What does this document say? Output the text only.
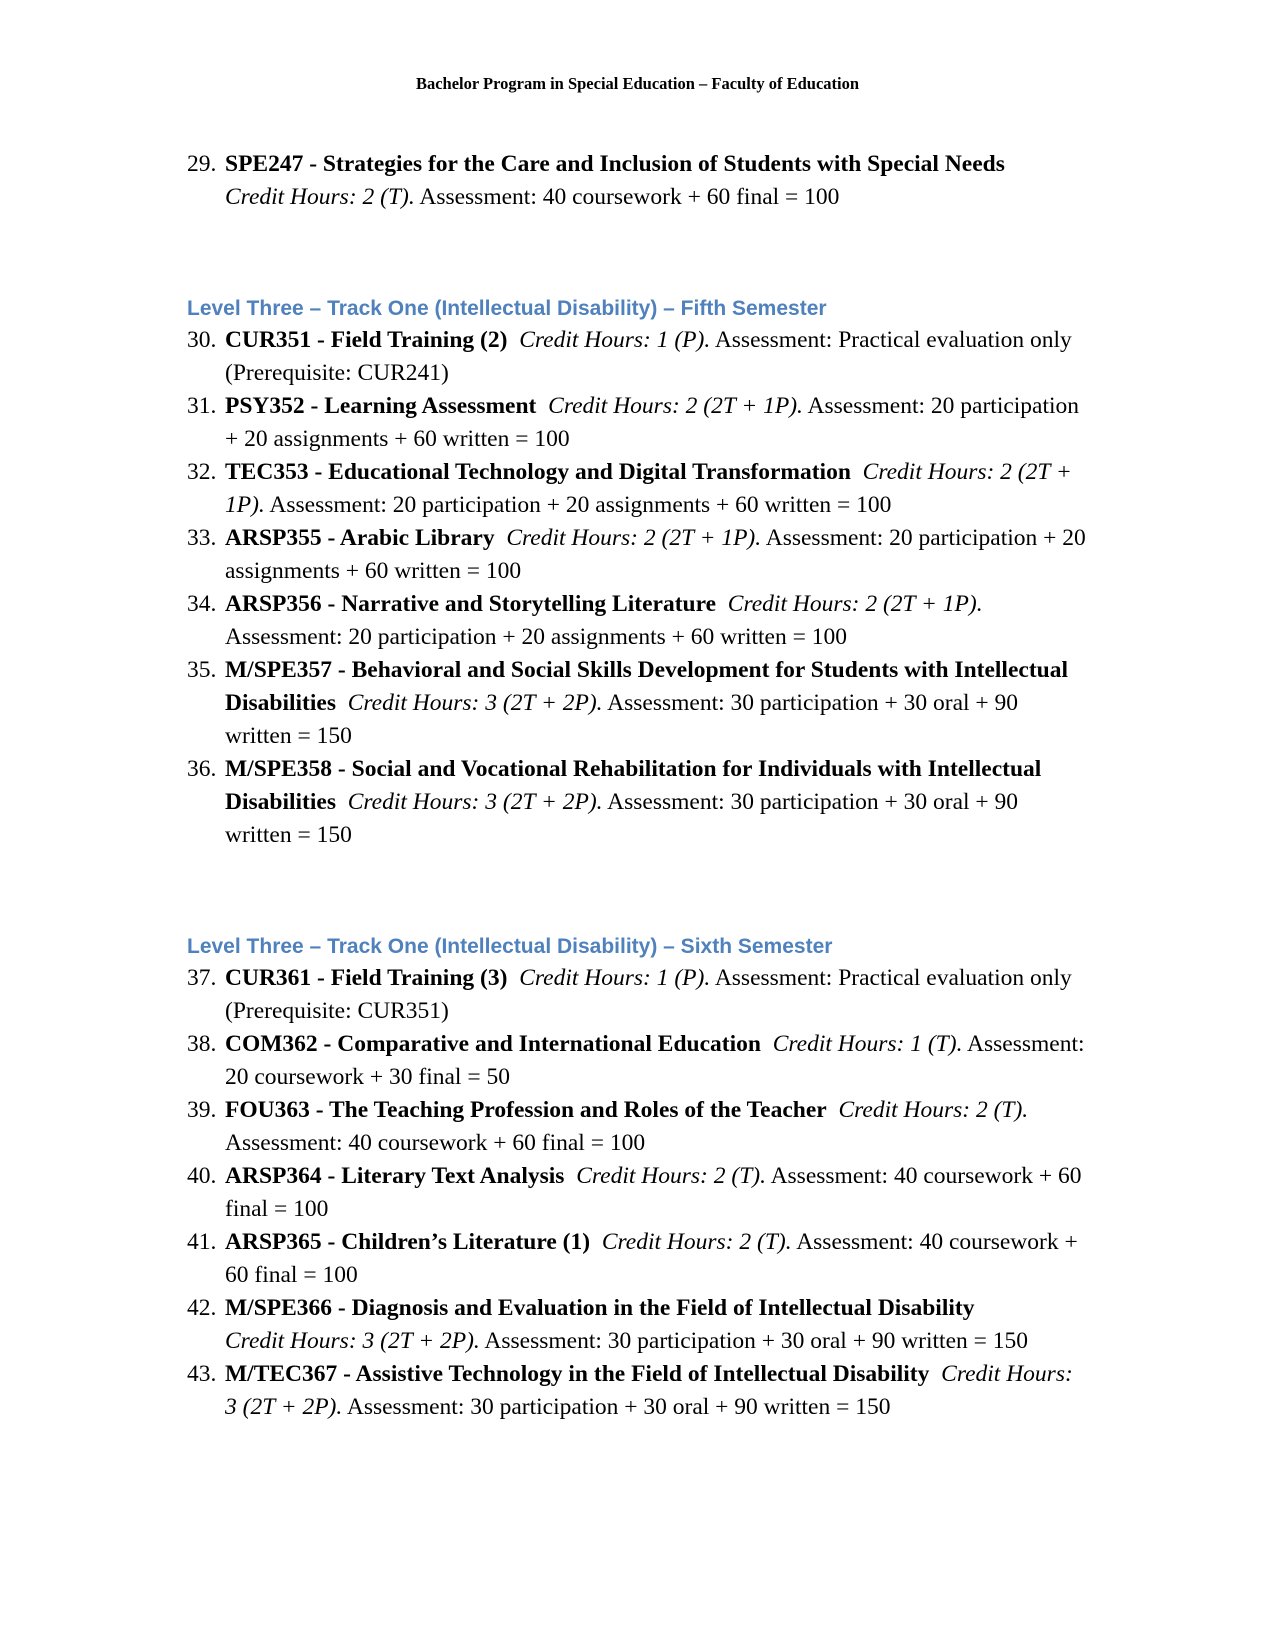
Bachelor Program in Special Education – Faculty of Education
29. SPE247 - Strategies for the Care and Inclusion of Students with Special Needs
Credit Hours: 2 (T). Assessment: 40 coursework + 60 final = 100
Level Three – Track One (Intellectual Disability) – Fifth Semester
30. CUR351 - Field Training (2) Credit Hours: 1 (P). Assessment: Practical evaluation only (Prerequisite: CUR241)
31. PSY352 - Learning Assessment Credit Hours: 2 (2T + 1P). Assessment: 20 participation + 20 assignments + 60 written = 100
32. TEC353 - Educational Technology and Digital Transformation Credit Hours: 2 (2T + 1P). Assessment: 20 participation + 20 assignments + 60 written = 100
33. ARSP355 - Arabic Library Credit Hours: 2 (2T + 1P). Assessment: 20 participation + 20 assignments + 60 written = 100
34. ARSP356 - Narrative and Storytelling Literature Credit Hours: 2 (2T + 1P). Assessment: 20 participation + 20 assignments + 60 written = 100
35. M/SPE357 - Behavioral and Social Skills Development for Students with Intellectual Disabilities Credit Hours: 3 (2T + 2P). Assessment: 30 participation + 30 oral + 90 written = 150
36. M/SPE358 - Social and Vocational Rehabilitation for Individuals with Intellectual Disabilities Credit Hours: 3 (2T + 2P). Assessment: 30 participation + 30 oral + 90 written = 150
Level Three – Track One (Intellectual Disability) – Sixth Semester
37. CUR361 - Field Training (3) Credit Hours: 1 (P). Assessment: Practical evaluation only (Prerequisite: CUR351)
38. COM362 - Comparative and International Education Credit Hours: 1 (T). Assessment: 20 coursework + 30 final = 50
39. FOU363 - The Teaching Profession and Roles of the Teacher Credit Hours: 2 (T). Assessment: 40 coursework + 60 final = 100
40. ARSP364 - Literary Text Analysis Credit Hours: 2 (T). Assessment: 40 coursework + 60 final = 100
41. ARSP365 - Children’s Literature (1) Credit Hours: 2 (T). Assessment: 40 coursework + 60 final = 100
42. M/SPE366 - Diagnosis and Evaluation in the Field of Intellectual Disability
Credit Hours: 3 (2T + 2P). Assessment: 30 participation + 30 oral + 90 written = 150
43. M/TEC367 - Assistive Technology in the Field of Intellectual Disability Credit Hours: 3 (2T + 2P). Assessment: 30 participation + 30 oral + 90 written = 150
